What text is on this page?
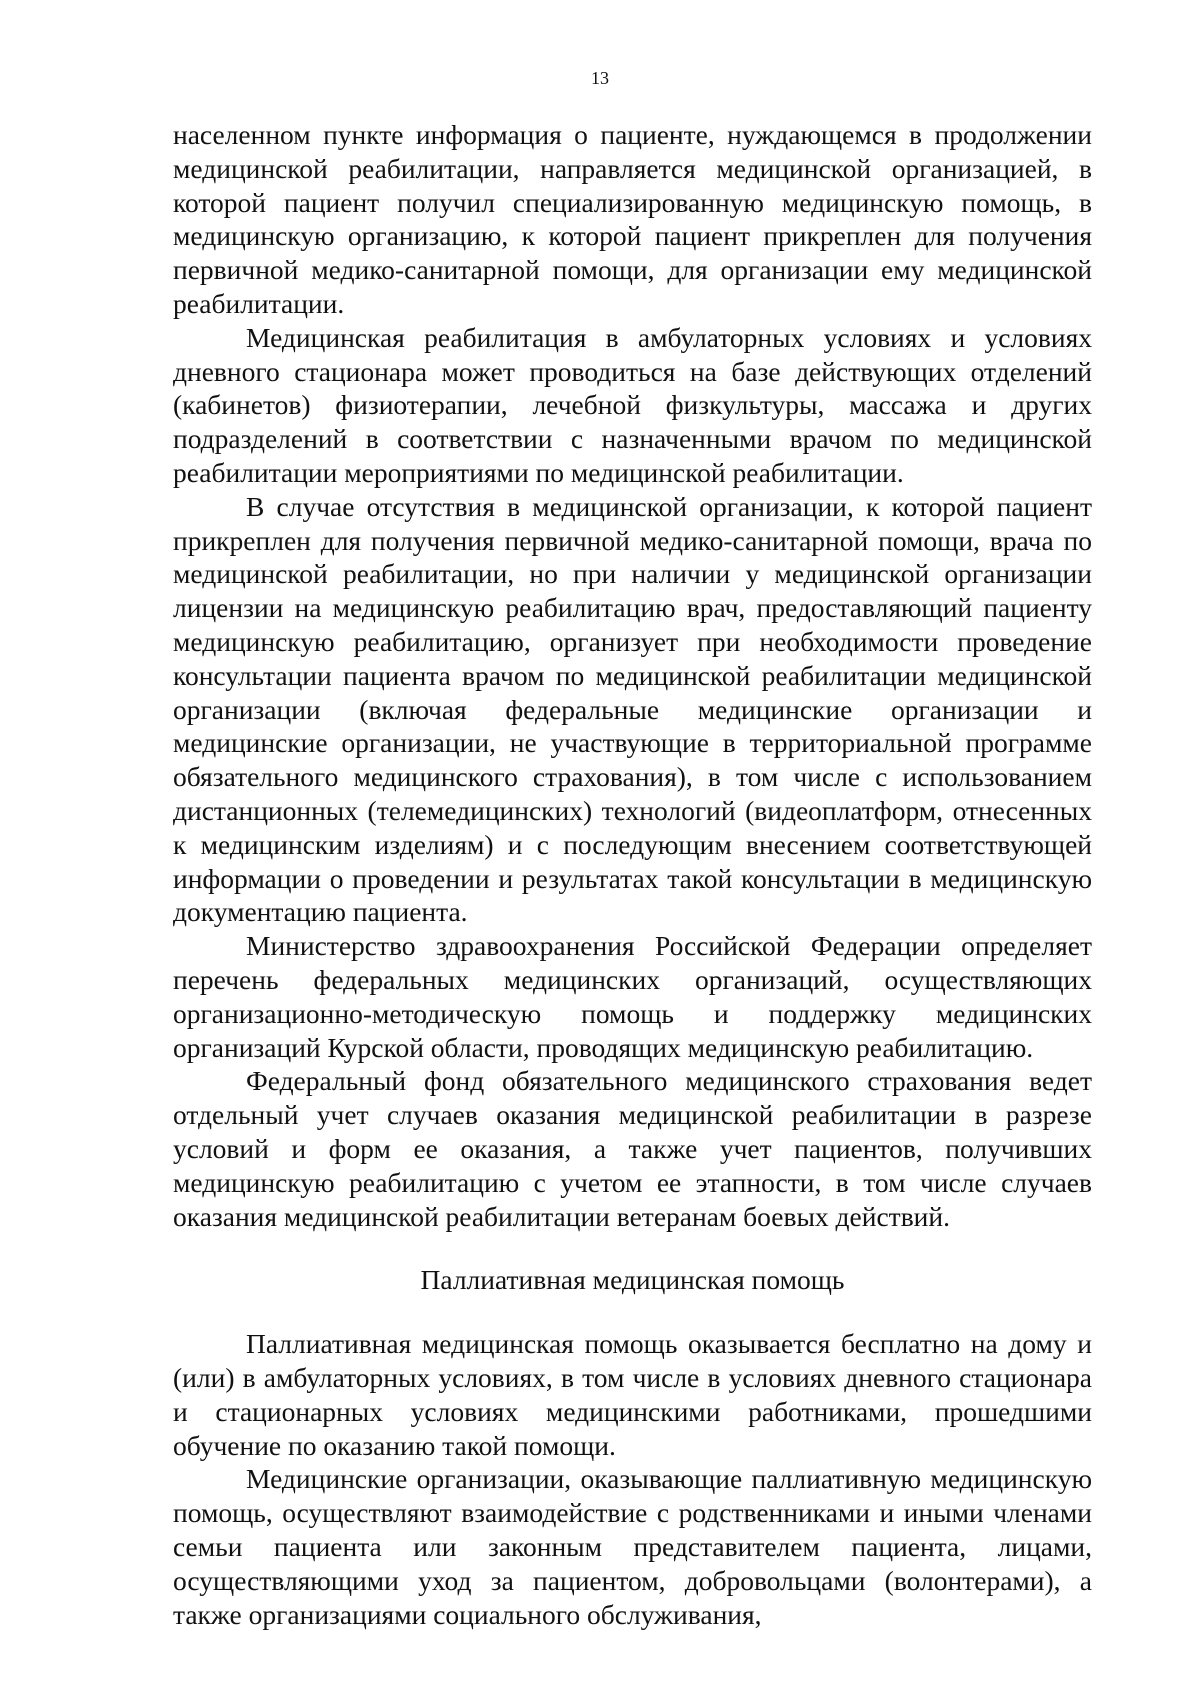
13

населенном пункте информация о пациенте, нуждающемся в продолжении медицинской реабилитации, направляется медицинской организацией, в которой пациент получил специализированную медицинскую помощь, в медицинскую организацию, к которой пациент прикреплен для получения первичной медико-санитарной помощи, для организации ему медицинской реабилитации.

Медицинская реабилитация в амбулаторных условиях и условиях дневного стационара может проводиться на базе действующих отделений (кабинетов) физиотерапии, лечебной физкультуры, массажа и других подразделений в соответствии с назначенными врачом по медицинской реабилитации мероприятиями по медицинской реабилитации.

В случае отсутствия в медицинской организации, к которой пациент прикреплен для получения первичной медико-санитарной помощи, врача по медицинской реабилитации, но при наличии у медицинской организации лицензии на медицинскую реабилитацию врач, предоставляющий пациенту медицинскую реабилитацию, организует при необходимости проведение консультации пациента врачом по медицинской реабилитации медицинской организации (включая федеральные медицинские организации и медицинские организации, не участвующие в территориальной программе обязательного медицинского страхования), в том числе с использованием дистанционных (телемедицинских) технологий (видеоплатформ, отнесенных к медицинским изделиям) и с последующим внесением соответствующей информации о проведении и результатах такой консультации в медицинскую документацию пациента.

Министерство здравоохранения Российской Федерации определяет перечень федеральных медицинских организаций, осуществляющих организационно-методическую помощь и поддержку медицинских организаций Курской области, проводящих медицинскую реабилитацию.

Федеральный фонд обязательного медицинского страхования ведет отдельный учет случаев оказания медицинской реабилитации в разрезе условий и форм ее оказания, а также учет пациентов, получивших медицинскую реабилитацию с учетом ее этапности, в том числе случаев оказания медицинской реабилитации ветеранам боевых действий.

Паллиативная медицинская помощь

Паллиативная медицинская помощь оказывается бесплатно на дому и (или) в амбулаторных условиях, в том числе в условиях дневного стационара и стационарных условиях медицинскими работниками, прошедшими обучение по оказанию такой помощи.

Медицинские организации, оказывающие паллиативную медицинскую помощь, осуществляют взаимодействие с родственниками и иными членами семьи пациента или законным представителем пациента, лицами, осуществляющими уход за пациентом, добровольцами (волонтерами), а также организациями социального обслуживания,
